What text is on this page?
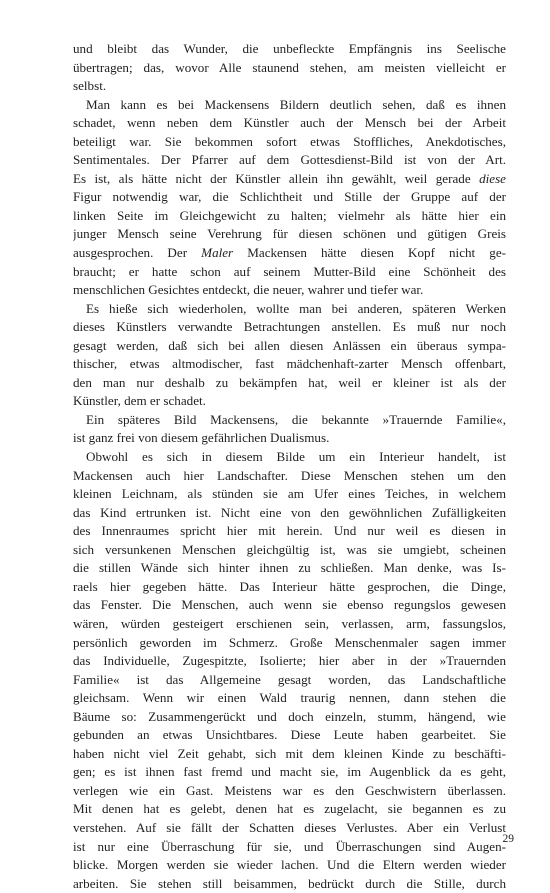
und bleibt das Wunder, die unbefleckte Empfängnis ins Seelische
übertragen; das, wovor Alle staunend stehen, am meisten vielleicht er
selbst.
Man kann es bei Mackensens Bildern deutlich sehen, daß es ihnen
schadet, wenn neben dem Künstler auch der Mensch bei der Arbeit
beteiligt war. Sie bekommen sofort etwas Stoffliches, Anekdotisches,
Sentimentales. Der Pfarrer auf dem Gottesdienst-Bild ist von der Art.
Es ist, als hätte nicht der Künstler allein ihn gewählt, weil gerade diese
Figur notwendig war, die Schlichtheit und Stille der Gruppe auf der
linken Seite im Gleichgewicht zu halten; vielmehr als hätte hier ein
junger Mensch seine Verehrung für diesen schönen und gütigen Greis
ausgesprochen. Der Maler Mackensen hätte diesen Kopf nicht ge-
braucht; er hatte schon auf seinem Mutter-Bild eine Schönheit des
menschlichen Gesichtes entdeckt, die neuer, wahrer und tiefer war.
Es hieße sich wiederholen, wollte man bei anderen, späteren Werken
dieses Künstlers verwandte Betrachtungen anstellen. Es muß nur noch
gesagt werden, daß sich bei allen diesen Anlässen ein überaus sympa-
thischer, etwas altmodischer, fast mädchenhaft-zarter Mensch offenbart,
den man nur deshalb zu bekämpfen hat, weil er kleiner ist als der
Künstler, dem er schadet.
Ein späteres Bild Mackensens, die bekannte »Trauernde Familie«,
ist ganz frei von diesem gefährlichen Dualismus.
Obwohl es sich in diesem Bilde um ein Interieur handelt, ist
Mackensen auch hier Landschafter. Diese Menschen stehen um den
kleinen Leichnam, als stünden sie am Ufer eines Teiches, in welchem
das Kind ertrunken ist. Nicht eine von den gewöhnlichen Zufälligkeiten
des Innenraumes spricht hier mit herein. Und nur weil es diesen in
sich versunkenen Menschen gleichgültig ist, was sie umgiebt, scheinen
die stillen Wände sich hinter ihnen zu schließen. Man denke, was Is-
raels hier gegeben hätte. Das Interieur hätte gesprochen, die Dinge,
das Fenster. Die Menschen, auch wenn sie ebenso regungslos gewesen
wären, würden gesteigert erschienen sein, verlassen, arm, fassungslos,
persönlich geworden im Schmerz. Große Menschenmaler sagen immer
das Individuelle, Zugespitzte, Isolierte; hier aber in der »Trauernden
Familie« ist das Allgemeine gesagt worden, das Landschaftliche
gleichsam. Wenn wir einen Wald traurig nennen, dann stehen die
Bäume so: Zusammengerückt und doch einzeln, stumm, hängend, wie
gebunden an etwas Unsichtbares. Diese Leute haben gearbeitet. Sie
haben nicht viel Zeit gehabt, sich mit dem kleinen Kinde zu beschäfti-
gen; es ist ihnen fast fremd und macht sie, im Augenblick da es geht,
verlegen wie ein Gast. Meistens war es den Geschwistern überlassen.
Mit denen hat es gelebt, denen hat es zugelacht, sie begannen es zu
verstehen. Auf sie fällt der Schatten dieses Verlustes. Aber ein Verlust
ist nur eine Überraschung für sie, und Überraschungen sind Augen-
blicke. Morgen werden sie wieder lachen. Und die Eltern werden wieder
arbeiten. Sie stehen still beisammen, bedrückt durch die Stille, durch
29
